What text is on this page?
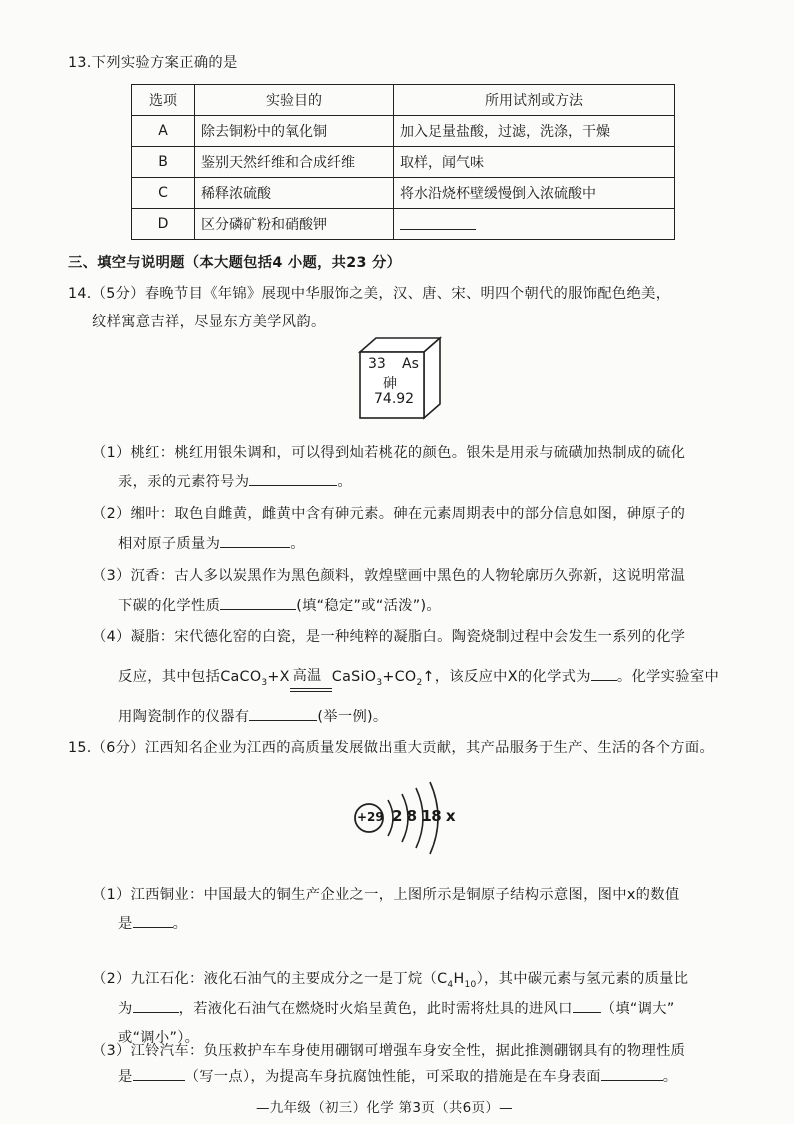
13.下列实验方案正确的是
选项	实验目的	所用试剂或方法
A	除去铜粉中的氧化铜	加入足量盐酸，过滤，洗涤，干燥
B	鉴别天然纤维和合成纤维	取样，闻气味
C	稀释浓硫酸	将水沿烧杯壁缓慢倒入浓硫酸中
D	区分磷矿粉和硝酸钾	
三、填空与说明题（本大题包括4 小题，共23 分）
14.（5分）春晚节目《年锦》展现中华服饰之美，汉、唐、宋、明四个朝代的服饰配色绝美，
纹样寓意吉祥，尽显东方美学风韵。
33 As
砷
74.92
（1）桃红：桃红用银朱调和，可以得到灿若桃花的颜色。银朱是用汞与硫磺加热制成的硫化
汞，汞的元素符号为	。
（2）缃叶：取色自雌黄，雌黄中含有砷元素。砷在元素周期表中的部分信息如图，砷原子的
相对原子质量为	。
（3）沉香：古人多以炭黑作为黑色颜料，敦煌壁画中黑色的人物轮廓历久弥新，这说明常温
下碳的化学性质	(填“稳定”或“活泼”)。
（4）凝脂：宋代德化窑的白瓷，是一种纯粹的凝脂白。陶瓷烧制过程中会发生一系列的化学
反应，其中包括CaCO$_3$+X 高温 $CaSiO_3+CO_2↑$，该反应中X的化学式为 。化学实验室中
用陶瓷制作的仪器有	(举一例)。
15.（6分）江西知名企业为江西的高质量发展做出重大贡献，其产品服务于生产、生活的各个方面。
+29 2 8 18 x
（1）江西铜业：中国最大的铜生产企业之一，上图所示是铜原子结构示意图，图中x的数值
是	。
（2）九江石化：液化石油气的主要成分之一是丁烷$(C_4H_{10})$，其中碳元素与氢元素的质量比
为	，若液化石油气在燃烧时火焰呈黄色，此时需将灶具的进风口 （填“调大”
或“调小”）。
（3）江铃汽车：负压救护车车身使用硼钢可增强车身安全性，据此推测硼钢具有的物理性质
是	（写一点），为提高车身抗腐蚀性能，可采取的措施是在车身表面	。
—九年级（初三）化学 第3页（共6页）—
